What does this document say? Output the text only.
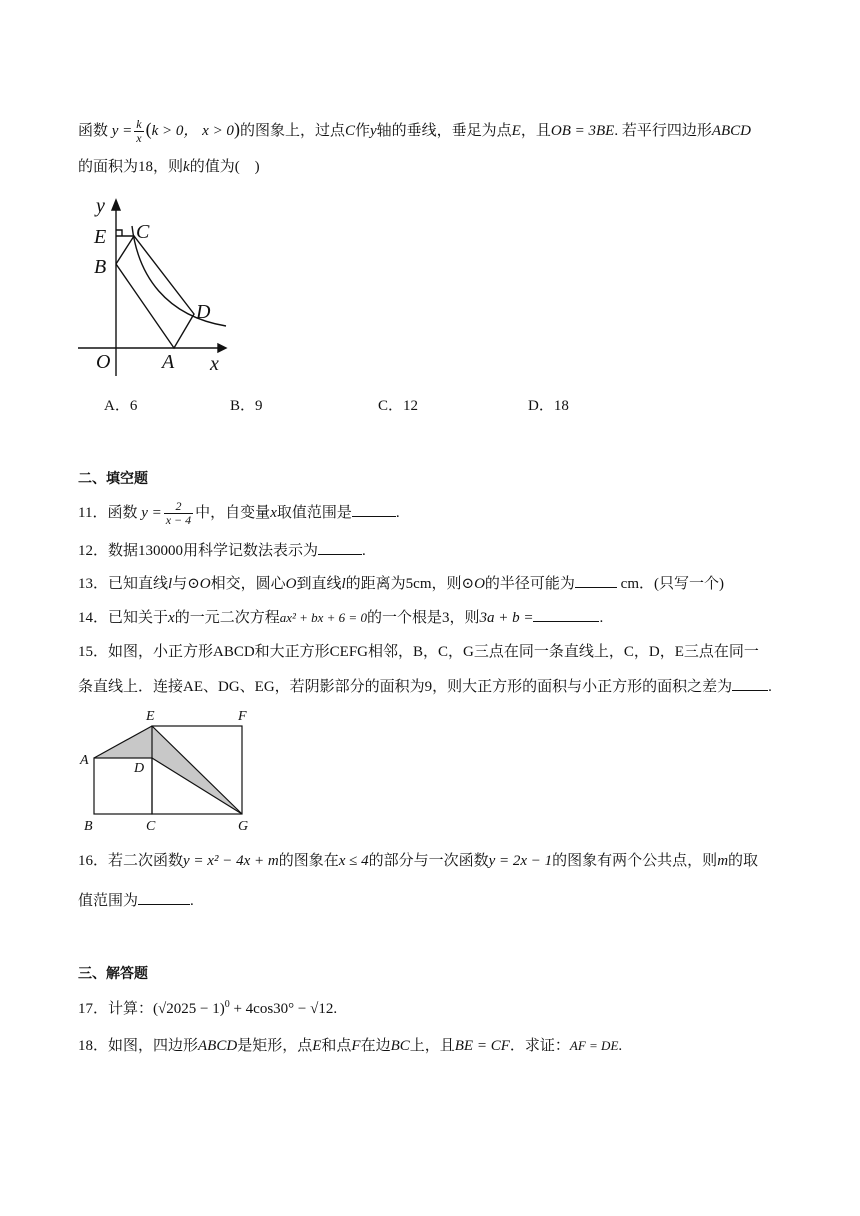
函数 $y = \frac{k}{x} (k > 0$， x > 0)的图象上，过点C作y轴的垂线，垂足为点E，且OB = 3BE. 若平行四边形ABCD
的面积为18，则k的值为(　)
y
E C
B
D
O	A x
A．6	B．9	C．12	D．18
二、填空题
11．函数 $y = \frac{2}{x - 4}$ 中，自变量x取值范围是	.
12．数据130000用科学记数法表示为	.
13．已知直线l与⊙O相交，圆心O到直线l的距离为5cm，则⊙O的半径可能为	cm．(只写一个)
14．已知关于x的一元二次方程ax² + bx + 6 = 0的一个根是3，则3a + b =	.
15．如图，小正方形ABCD和大正方形CEFG相邻，B，C，G三点在同一条直线上，C，D，E三点在同一
条直线上．连接AE、DG、EG，若阴影部分的面积为9，则大正方形的面积与小正方形的面积之差为 .
E	F
A
D
B	C	G
16．若二次函数y = x² − 4x + m的图象在x ≤ 4的部分与一次函数y = 2x − 1的图象有两个公共点，则m的取
值范围为	.
三、解答题
17．计算：$(√2025 - 1)^0 + 4\cos 30^\circ - √12$.
18．如图，四边形ABCD是矩形，点E和点F在边BC上，且BE = CF．求证：AF = DE.
